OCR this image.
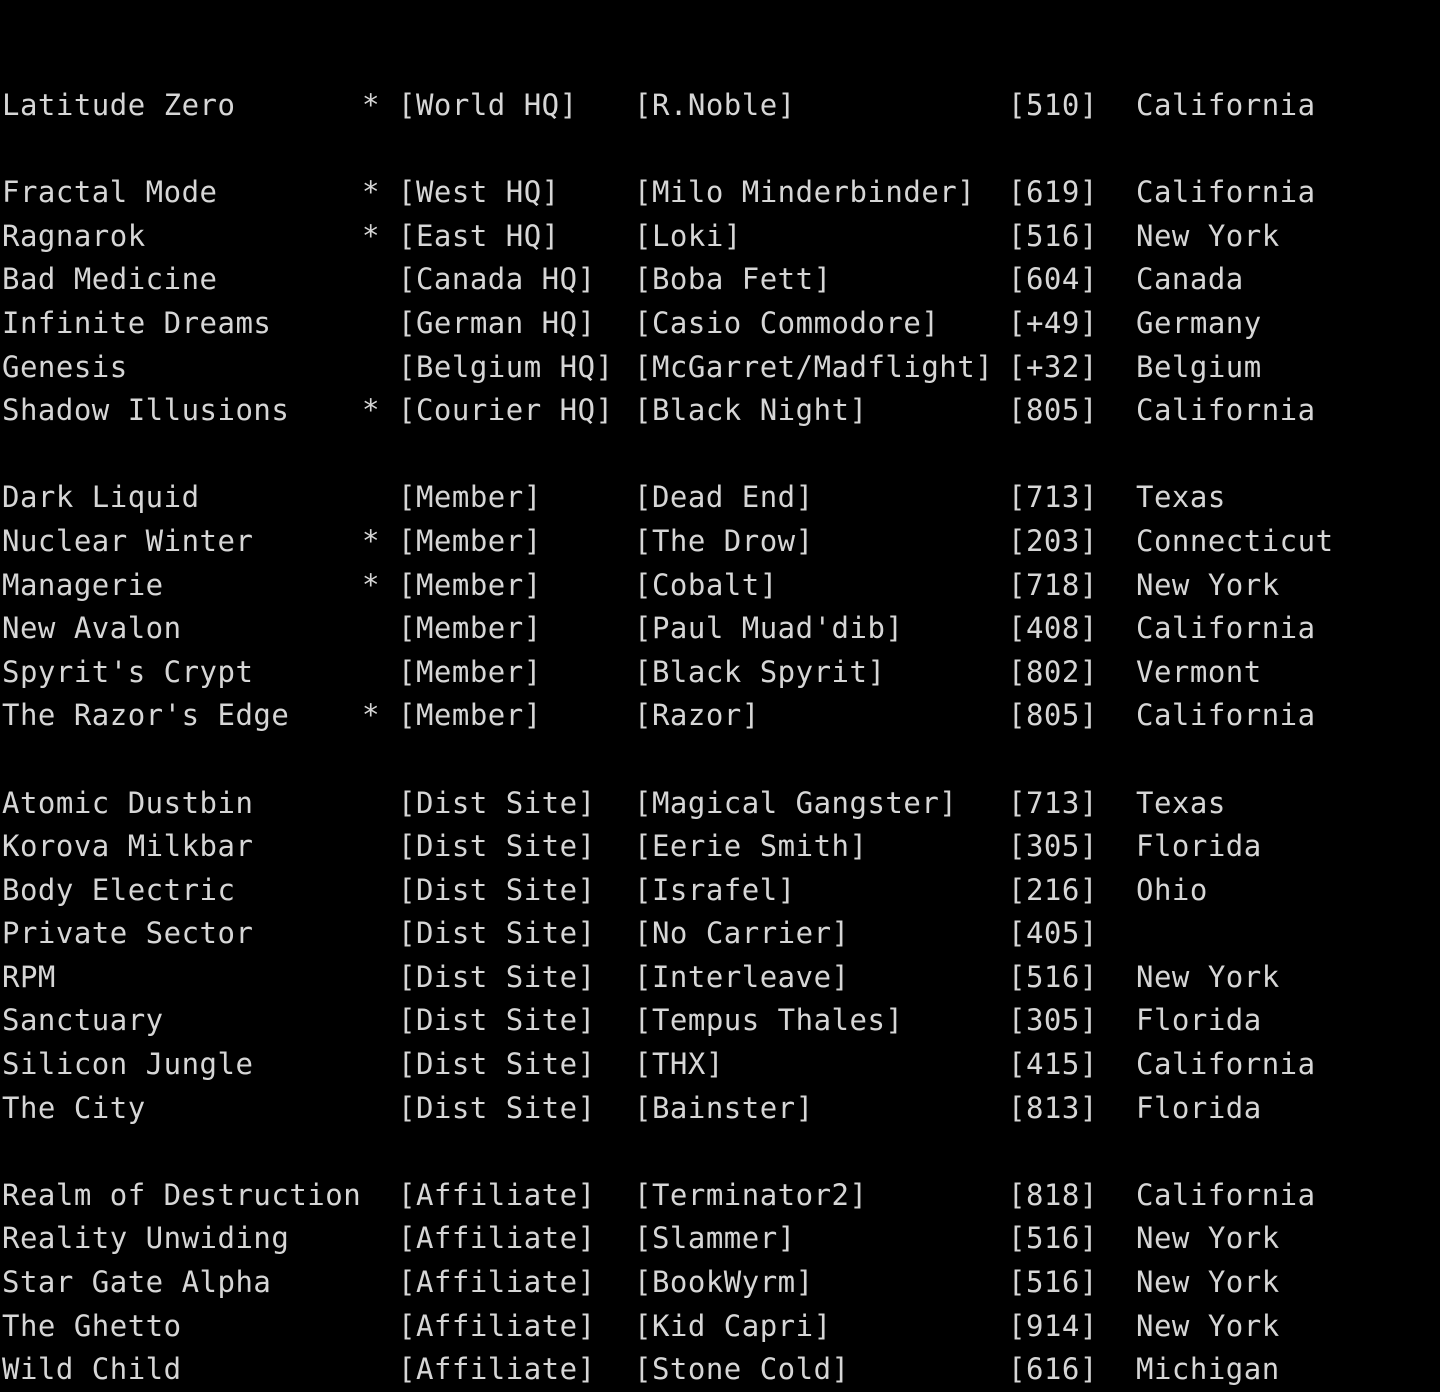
Latitude Zero	* [World HQ] [R.Noble]	[510] California

Fractal Mode	* [West HQ]	[Milo Minderbinder] [619] California
Ragnarok	* [East HQ]	[Loki]	[516] New York
Bad Medicine	[Canada HQ] [Boba Fett]	[604] Canada
Infinite Dreams	[German HQ] [Casio Commodore] [+49] Germany
Genesis	[Belgium HQ] [McGarret/Madflight] [+32] Belgium
Shadow Illusions	* [Courier HQ] [Black Night]	[805] California

Dark Liquid	[Member]	[Dead End]	[713] Texas
Nuclear Winter	* [Member]	[The Drow]	[203] Connecticut
Managerie	* [Member]	[Cobalt]	[718] New York
New Avalon	[Member]	[Paul Muad'dib]	[408] California
Spyrit's Crypt	[Member]	[Black Spyrit]	[802] Vermont
The Razor's Edge	* [Member]	[Razor]	[805] California

Atomic Dustbin	[Dist Site] [Magical Gangster] [713] Texas
Korova Milkbar	[Dist Site] [Eerie Smith]	[305] Florida
Body Electric	[Dist Site] [Israfel]	[216] Ohio
Private Sector	[Dist Site] [No Carrier]	[405]
RPM	[Dist Site] [Interleave]	[516] New York
Sanctuary	[Dist Site] [Tempus Thales]	[305] Florida
Silicon Jungle	[Dist Site] [THX]	[415] California
The City	[Dist Site] [Bainster]	[813] Florida

Realm of Destruction [Affiliate] [Terminator2]	[818] California
Reality Unwiding	[Affiliate] [Slammer]	[516] New York
Star Gate Alpha	[Affiliate] [BookWyrm]	[516] New York
The Ghetto	[Affiliate] [Kid Capri]	[914] New York
Wild Child	[Affiliate] [Stone Cold]	[616] Michigan
